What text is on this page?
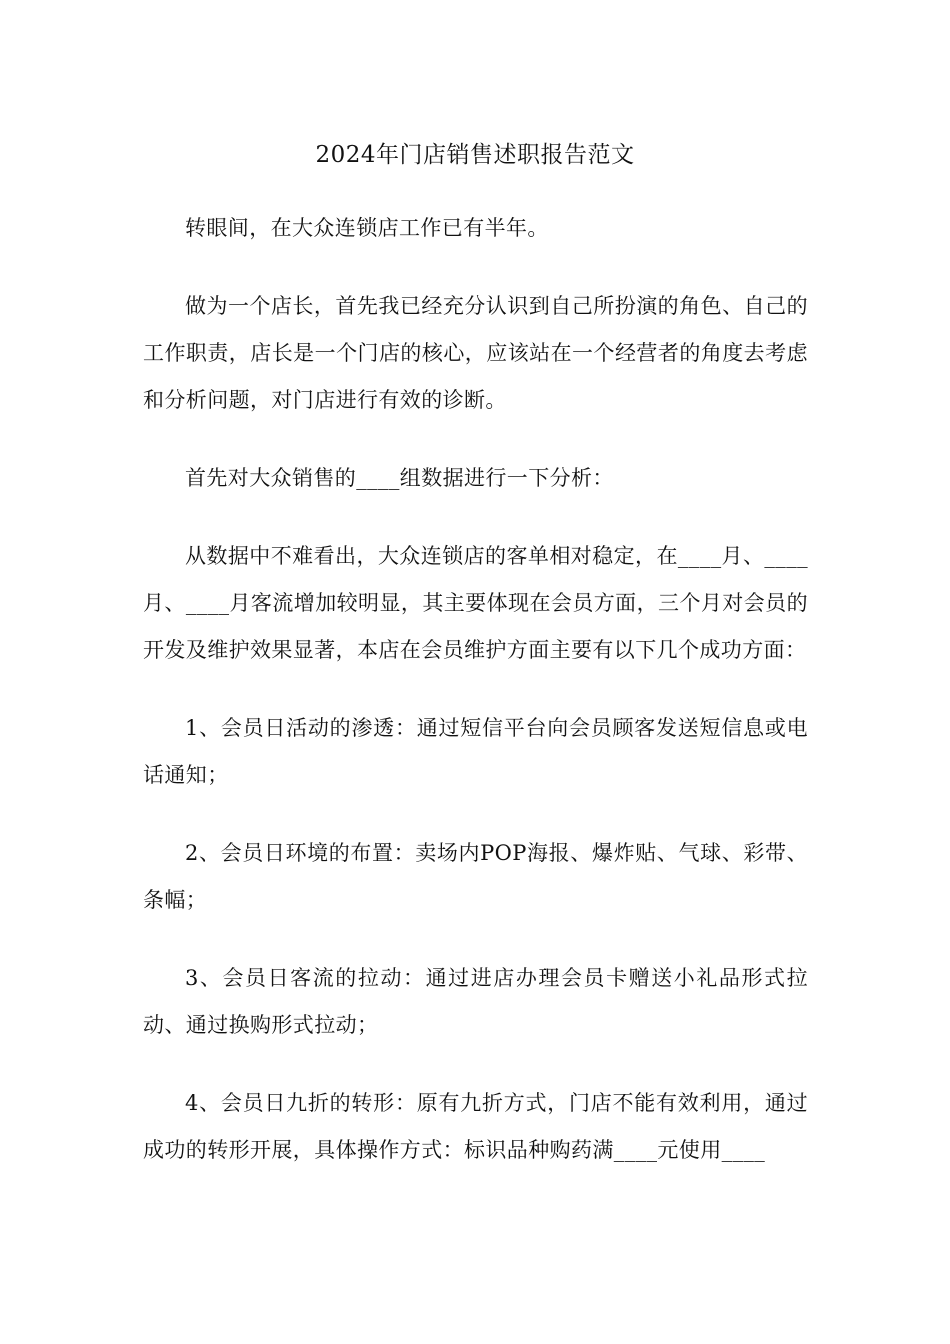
2024年门店销售述职报告范文

转眼间，在大众连锁店工作已有半年。

做为一个店长，首先我已经充分认识到自己所扮演的角色、自己的工作职责，店长是一个门店的核心，应该站在一个经营者的角度去考虑和分析问题，对门店进行有效的诊断。

首先对大众销售的____组数据进行一下分析：

从数据中不难看出，大众连锁店的客单相对稳定，在____月、____月、____月客流增加较明显，其主要体现在会员方面，三个月对会员的开发及维护效果显著，本店在会员维护方面主要有以下几个成功方面：

1、会员日活动的渗透：通过短信平台向会员顾客发送短信息或电话通知；

2、会员日环境的布置：卖场内POP海报、爆炸贴、气球、彩带、条幅；

3、会员日客流的拉动：通过进店办理会员卡赠送小礼品形式拉动、通过换购形式拉动；

4、会员日九折的转形：原有九折方式，门店不能有效利用，通过成功的转形开展，具体操作方式：标识品种购药满____元使用____
